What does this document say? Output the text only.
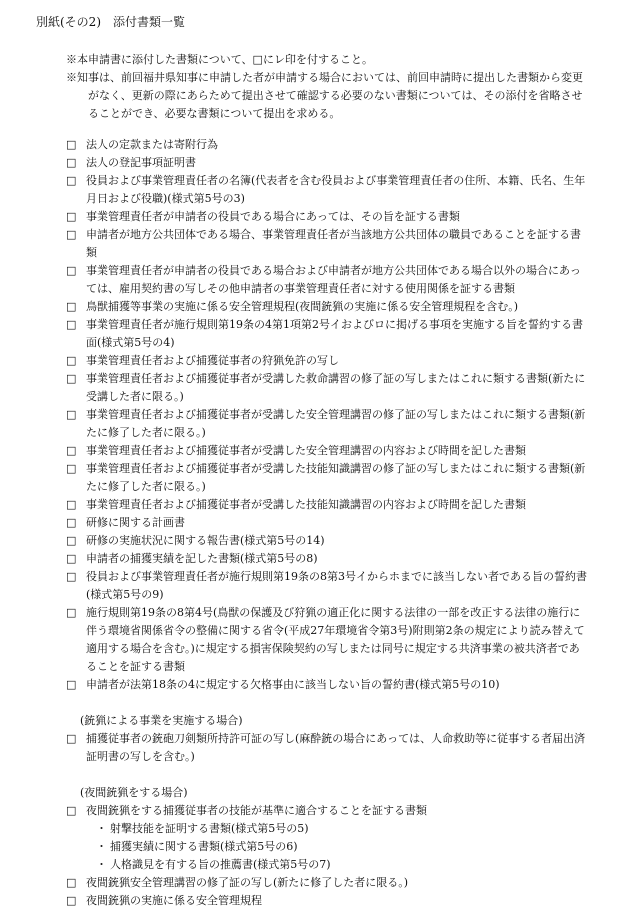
別紙(その2)　添付書類一覧
※本申請書に添付した書類について、□にレ印を付すること。
※知事は、前回福井県知事に申請した者が申請する場合においては、前回申請時に提出した書類から変更がなく、更新の際にあらためて提出させて確認する必要のない書類については、その添付を省略させることができ、必要な書類について提出を求める。
□ 法人の定款または寄附行為
□ 法人の登記事項証明書
□ 役員および事業管理責任者の名簿(代表者を含む役員および事業管理責任者の住所、本籍、氏名、生年月日および役職)(様式第5号の3)
□ 事業管理責任者が申請者の役員である場合にあっては、その旨を証する書類
□ 申請者が地方公共団体である場合、事業管理責任者が当該地方公共団体の職員であることを証する書類
□ 事業管理責任者が申請者の役員である場合および申請者が地方公共団体である場合以外の場合にあっては、雇用契約書の写しその他申請者の事業管理責任者に対する使用関係を証する書類
□ 鳥獣捕獲等事業の実施に係る安全管理規程(夜間銃猟の実施に係る安全管理規程を含む。)
□ 事業管理責任者が施行規則第19条の4第1項第2号イおよびロに掲げる事項を実施する旨を誓約する書面(様式第5号の4)
□ 事業管理責任者および捕獲従事者の狩猟免許の写し
□ 事業管理責任者および捕獲従事者が受講した救命講習の修了証の写しまたはこれに類する書類(新たに受講した者に限る。)
□ 事業管理責任者および捕獲従事者が受講した安全管理講習の修了証の写しまたはこれに類する書類(新たに修了した者に限る。)
□ 事業管理責任者および捕獲従事者が受講した安全管理講習の内容および時間を記した書類
□ 事業管理責任者および捕獲従事者が受講した技能知識講習の修了証の写しまたはこれに類する書類(新たに修了した者に限る。)
□ 事業管理責任者および捕獲従事者が受講した技能知識講習の内容および時間を記した書類
□ 研修に関する計画書
□ 研修の実施状況に関する報告書(様式第5号の14)
□ 申請者の捕獲実績を記した書類(様式第5号の8)
□ 役員および事業管理責任者が施行規則第19条の8第3号イからホまでに該当しない者である旨の誓約書(様式第5号の9)
□ 施行規則第19条の8第4号(鳥獣の保護及び狩猟の適正化に関する法律の一部を改正する法律の施行に伴う環境省関係省令の整備に関する省令(平成27年環境省令第3号)附則第2条の規定により読み替えて適用する場合を含む。)に規定する損害保険契約の写しまたは同号に規定する共済事業の被共済者であることを証する書類
□ 申請者が法第18条の4に規定する欠格事由に該当しない旨の誓約書(様式第5号の10)
(銃猟による事業を実施する場合)
□ 捕獲従事者の銃砲刀剣類所持許可証の写し(麻酔銃の場合にあっては、人命救助等に従事する者届出済証明書の写しを含む。)
(夜間銃猟をする場合)
□ 夜間銃猟をする捕獲従事者の技能が基準に適合することを証する書類
・ 射撃技能を証明する書類(様式第5号の5)
・ 捕獲実績に関する書類(様式第5号の6)
・ 人格識見を有する旨の推薦書(様式第5号の7)
□ 夜間銃猟安全管理講習の修了証の写し(新たに修了した者に限る。)
□ 夜間銃猟の実施に係る安全管理規程
